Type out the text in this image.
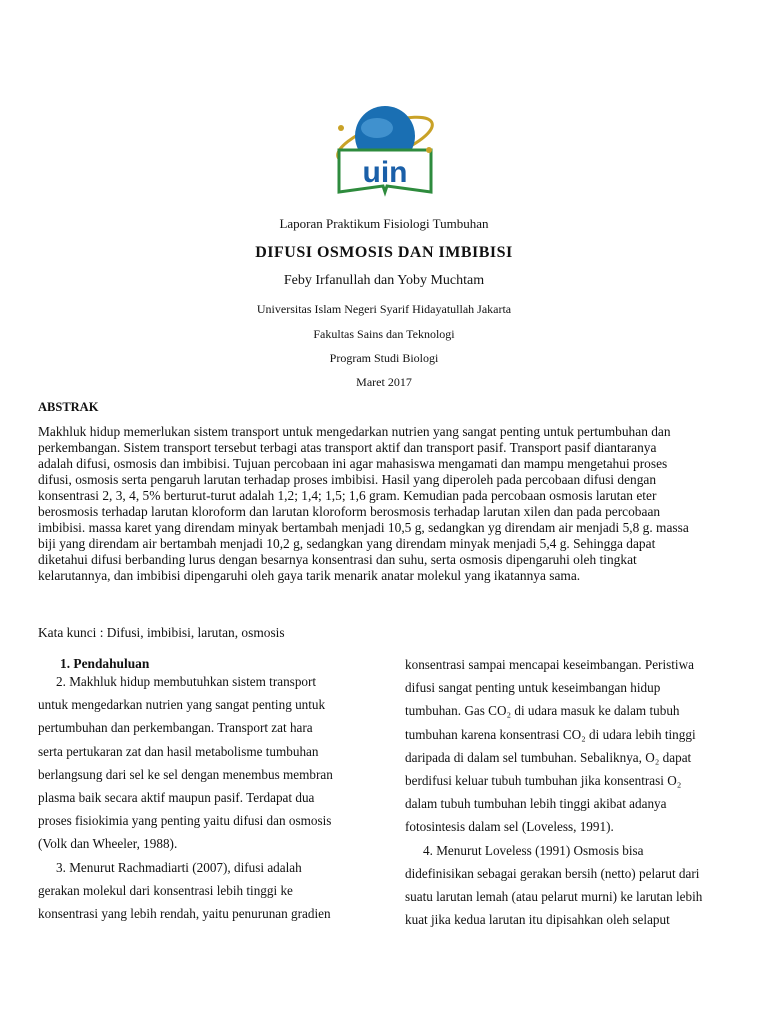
uin
Laporan Praktikum Fisiologi Tumbuhan
DIFUSI OSMOSIS DAN IMBIBISI
Feby Irfanullah dan Yoby Muchtam
Universitas Islam Negeri Syarif Hidayatullah Jakarta
Fakultas Sains dan Teknologi
Program Studi Biologi
Maret 2017
ABSTRAK
Makhluk hidup memerlukan sistem transport untuk mengedarkan nutrien yang sangat penting untuk pertumbuhan dan
perkembangan. Sistem transport tersebut terbagi atas transport aktif dan transport pasif. Transport pasif diantaranya
adalah difusi, osmosis dan imbibisi. Tujuan percobaan ini agar mahasiswa mengamati dan mampu mengetahui proses
difusi, osmosis serta pengaruh larutan terhadap proses imbibisi. Hasil yang diperoleh pada percobaan difusi dengan
konsentrasi 2, 3, 4, 5% berturut-turut adalah 1,2; 1,4; 1,5; 1,6 gram. Kemudian pada percobaan osmosis larutan eter
berosmosis terhadap larutan kloroform dan larutan kloroform berosmosis terhadap larutan xilen dan pada percobaan
imbibisi. massa karet yang direndam minyak bertambah menjadi 10,5 g, sedangkan yg direndam air menjadi 5,8 g. massa
biji yang direndam air bertambah menjadi 10,2 g, sedangkan yang direndam minyak menjadi 5,4 g. Sehingga dapat
diketahui difusi berbanding lurus dengan besarnya konsentrasi dan suhu, serta osmosis dipengaruhi oleh tingkat
kelarutannya, dan imbibisi dipengaruhi oleh gaya tarik menarik anatar molekul yang ikatannya sama.
Kata kunci : Difusi, imbibisi, larutan, osmosis
1. Pendahuluan
2. Makhluk hidup membutuhkan sistem transport
untuk mengedarkan nutrien yang sangat penting untuk
pertumbuhan dan perkembangan. Transport zat hara
serta pertukaran zat dan hasil metabolisme tumbuhan
berlangsung dari sel ke sel dengan menembus membran
plasma baik secara aktif maupun pasif. Terdapat dua
proses fisiokimia yang penting yaitu difusi dan osmosis
(Volk dan Wheeler, 1988).
3. Menurut Rachmadiarti (2007), difusi adalah
gerakan molekul dari konsentrasi lebih tinggi ke
konsentrasi yang lebih rendah, yaitu penurunan gradien
konsentrasi sampai mencapai keseimbangan. Peristiwa
difusi sangat penting untuk keseimbangan hidup
tumbuhan. Gas CO₂ di udara masuk ke dalam tubuh
tumbuhan karena konsentrasi CO₂ di udara lebih tinggi
daripada di dalam sel tumbuhan. Sebaliknya, O₂ dapat
berdifusi keluar tubuh tumbuhan jika konsentrasi O₂
dalam tubuh tumbuhan lebih tinggi akibat adanya
fotosintesis dalam sel (Loveless, 1991).
4. Menurut Loveless (1991) Osmosis bisa
didefinisikan sebagai gerakan bersih (netto) pelarut dari
suatu larutan lemah (atau pelarut murni) ke larutan lebih
kuat jika kedua larutan itu dipisahkan oleh selaput
